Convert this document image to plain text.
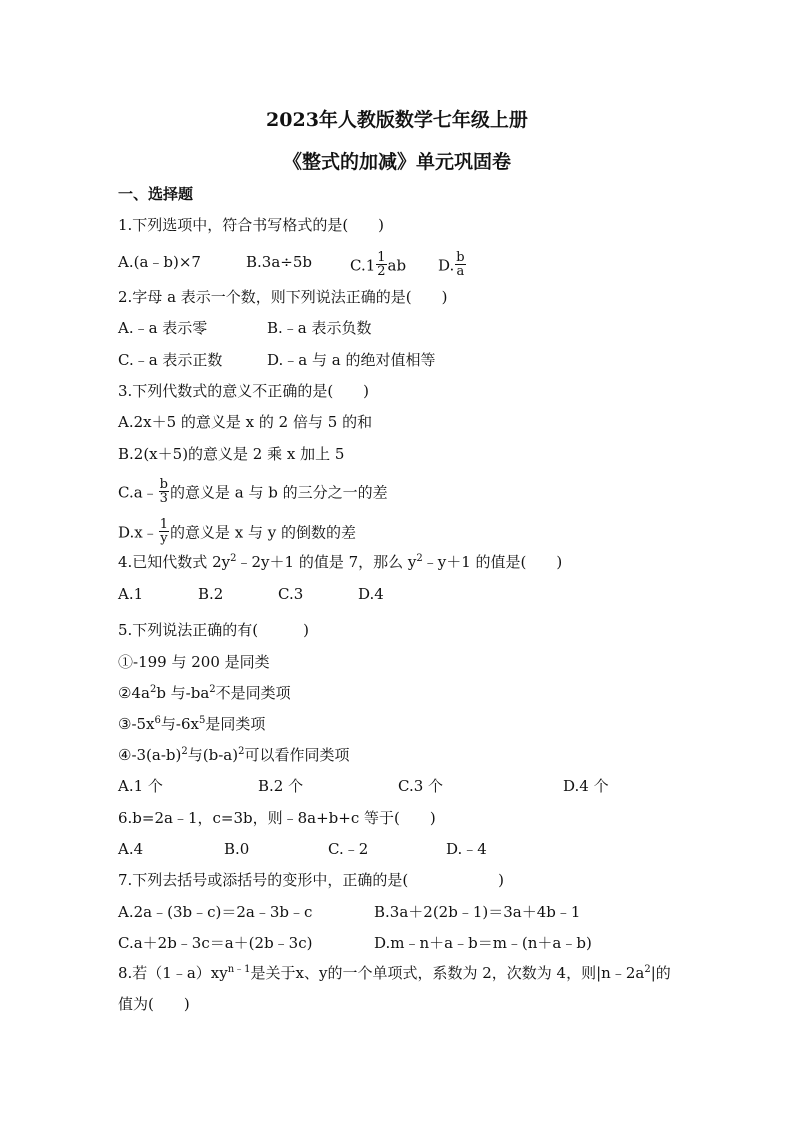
2023年人教版数学七年级上册
《整式的加减》单元巩固卷
一、选择题
1.下列选项中，符合书写格式的是(　　)
A.(a﹣b)×7	B.3a÷5b	$C.1 \frac{1}{2}$ ab D. $\frac{b}{a}$
2.字母 a 表示一个数，则下列说法正确的是(　　)
A.﹣a 表示零	B.﹣a 表示负数
C.﹣a 表示正数	D.﹣a 与 a 的绝对值相等
3.下列代数式的意义不正确的是(　　)
A.2x＋5 的意义是 x 的 2 倍与 5 的和
B.2(x＋5)的意义是 2 乘 x 加上 5
C.a﹣ $\frac{b}{3}$ 的意义是 a 与 b 的三分之一的差
D.x﹣ $\frac{1}{y}$ 的意义是 x 与 y 的倒数的差
4.已知代数式 $2y^2﹣2y+1$ 的值是 7，那么 $y^2﹣y+1$ 的值是(　　)
A.1	B.2	C.3	D.4
5.下列说法正确的有(　　　)
①-199 与 200 是同类
$②4a^2b$ 与$-ba^2$不是同类项
$③-5x^6$与$-6x^5$是同类项
$④-3(a-b)^2$与$(b-a)^2$可以看作同类项
A.1 个	B.2 个	C.3 个	D.4 个
6.b=2a﹣1，c=3b，则﹣8a+b+c 等于(　　)
A.4	B.0	C.﹣2	D.﹣4
7.下列去括号或添括号的变形中，正确的是(　　　　　　)
A.2a﹣(3b﹣c)＝2a﹣3b﹣c	B.3a＋2(2b﹣1)＝3a＋4b﹣1
C.a＋2b﹣3c＝a＋(2b﹣3c)	D.m﹣n＋a﹣b＝m﹣(n＋a﹣b)
8.若$(1﹣a)xy^{n﹣1}$是关于x、y的一个单项式，系数为 2，次数为 4，则$|n﹣2a^2|$的
值为(　　)
